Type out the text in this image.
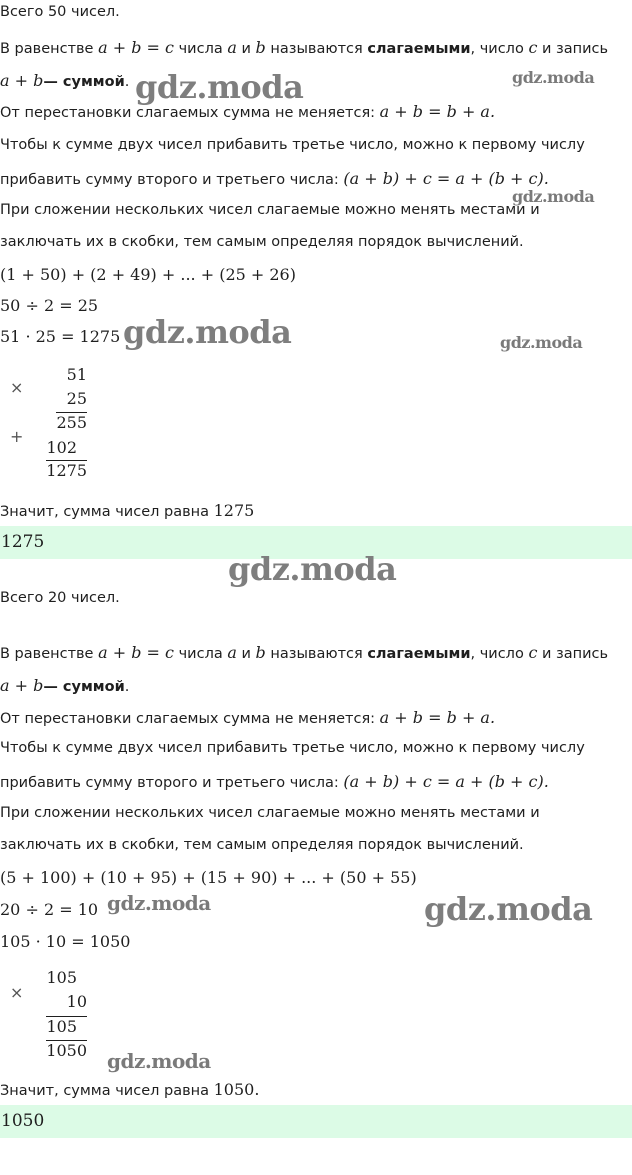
Всего 50 чисел.
В равенстве a + b = c числа a и b называются слагаемыми, число c и запись
a + b— суммой.
От перестановки слагаемых сумма не меняется: a + b = b + a.
Чтобы к сумме двух чисел прибавить третье число, можно к первому числу
прибавить сумму второго и третьего числа: (a + b) + c = a + (b + c).
При сложении нескольких чисел слагаемые можно менять местами и
заключать их в скобки, тем самым определяя порядок вычислений.
(1 + 50) + (2 + 49) + ... + (25 + 26)
50 ÷ 2 = 25
51 · 25 = 1275
×
51
25
255
+
102
1275
Значит, сумма чисел равна 1275
1275
Всего 20 чисел.
В равенстве a + b = c числа a и b называются слагаемыми, число c и запись
a + b— суммой.
От перестановки слагаемых сумма не меняется: a + b = b + a.
Чтобы к сумме двух чисел прибавить третье число, можно к первому числу
прибавить сумму второго и третьего числа: (a + b) + c = a + (b + c).
При сложении нескольких чисел слагаемые можно менять местами и
заключать их в скобки, тем самым определяя порядок вычислений.
(5 + 100) + (10 + 95) + (15 + 90) + ... + (50 + 55)
20 ÷ 2 = 10
105 · 10 = 1050
×
105
10
105
1050
Значит, сумма чисел равна 1050.
1050
gdz.moda	gdz.moda
gdz.moda
gdz.moda	gdz.moda
gdz.moda
gdz.moda	gdz.moda
gdz.moda
